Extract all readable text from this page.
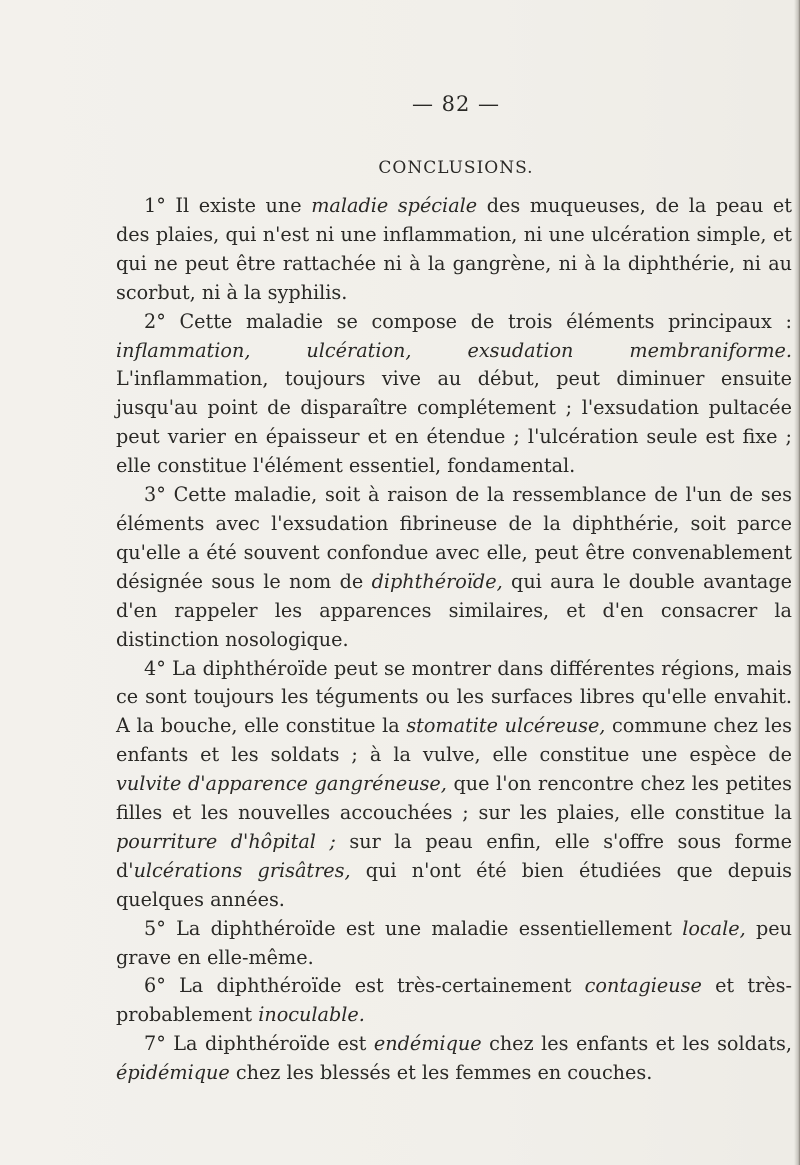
— 82 —
CONCLUSIONS.

1° Il existe une maladie spéciale des muqueuses, de la peau et des plaies, qui n'est ni une inflammation, ni une ulcération simple, et qui ne peut être rattachée ni à la gangrène, ni à la diphthérie, ni au scorbut, ni à la syphilis.

2° Cette maladie se compose de trois éléments principaux : inflammation, ulcération, exsudation membraniforme. L'inflammation, toujours vive au début, peut diminuer ensuite jusqu'au point de disparaître complétement ; l'exsudation pultacée peut varier en épaisseur et en étendue ; l'ulcération seule est fixe ; elle constitue l'élément essentiel, fondamental.

3° Cette maladie, soit à raison de la ressemblance de l'un de ses éléments avec l'exsudation fibrineuse de la diphthérie, soit parce qu'elle a été souvent confondue avec elle, peut être convenablement désignée sous le nom de diphthéroïde, qui aura le double avantage d'en rappeler les apparences similaires, et d'en consacrer la distinction nosologique.

4° La diphthéroïde peut se montrer dans différentes régions, mais ce sont toujours les téguments ou les surfaces libres qu'elle envahit. A la bouche, elle constitue la stomatite ulcéreuse, commune chez les enfants et les soldats ; à la vulve, elle constitue une espèce de vulvite d'apparence gangréneuse, que l'on rencontre chez les petites filles et les nouvelles accouchées ; sur les plaies, elle constitue la pourriture d'hôpital ; sur la peau enfin, elle s'offre sous forme d'ulcérations grisâtres, qui n'ont été bien étudiées que depuis quelques années.

5° La diphthéroïde est une maladie essentiellement locale, peu grave en elle-même.

6° La diphthéroïde est très-certainement contagieuse et très-probablement inoculable.

7° La diphthéroïde est endémique chez les enfants et les soldats, épidémique chez les blessés et les femmes en couches.
